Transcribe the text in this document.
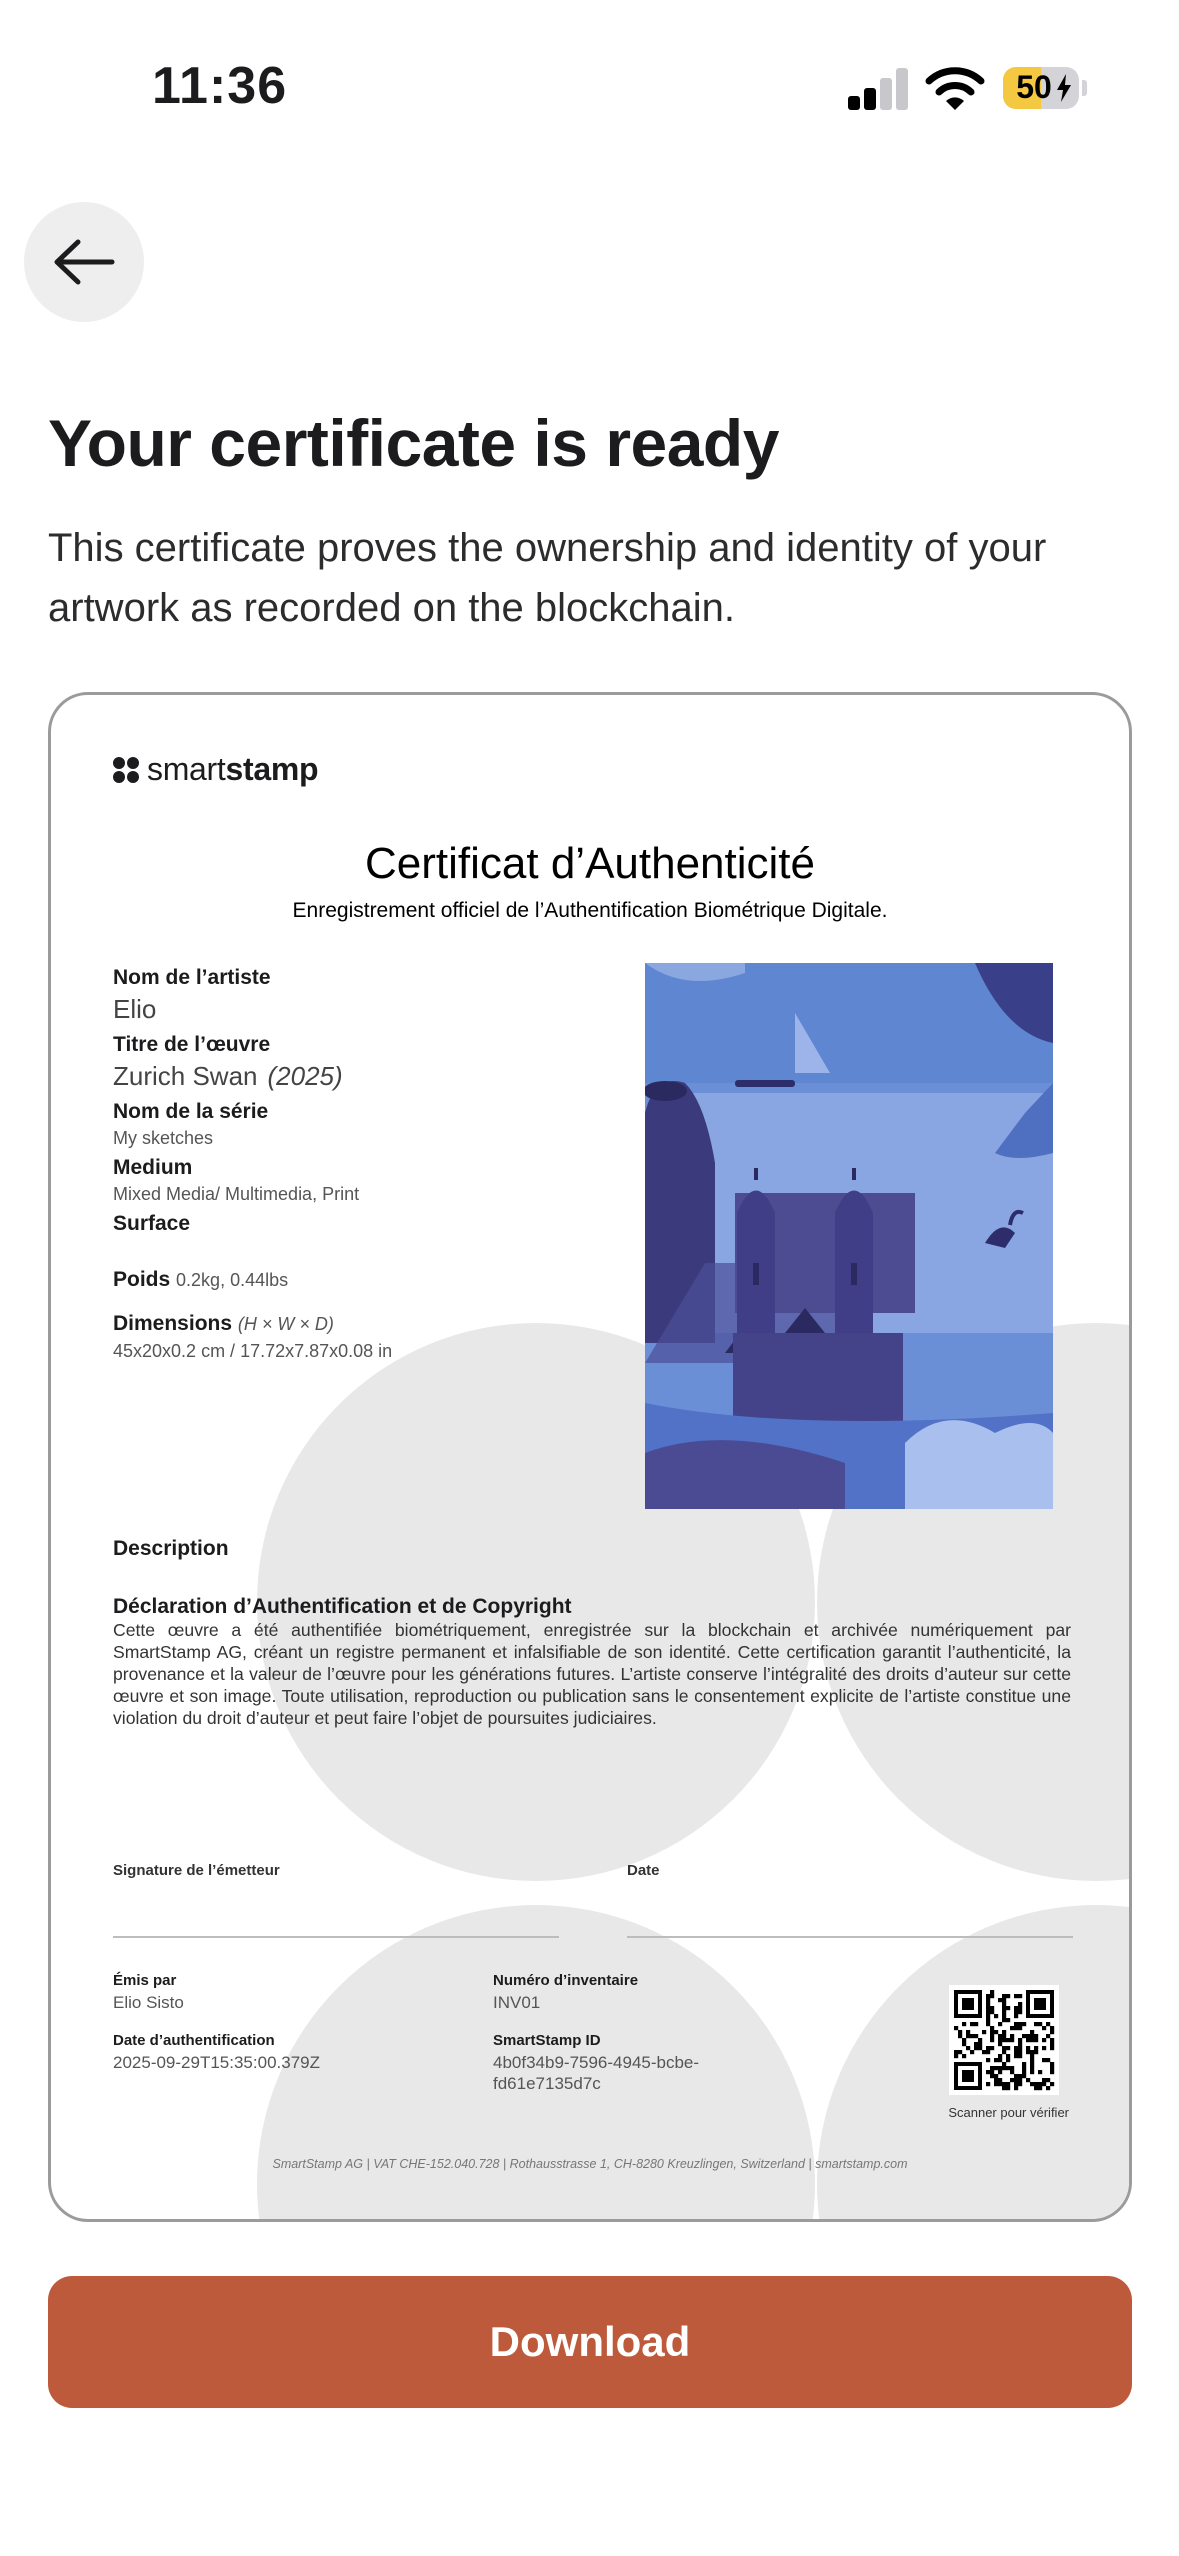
11:36	50
Your certificate is ready
This certificate proves the ownership and identity of your artwork as recorded on the blockchain.
smartstamp
Certificat d’Authenticité
Enregistrement officiel de l’Authentification Biométrique Digitale.
Nom de l’artiste
Elio
Titre de l’œuvre
Zurich Swan (2025)
Nom de la série
My sketches
Medium
Mixed Media/ Multimedia, Print
Surface
Poids 0.2kg, 0.44lbs
Dimensions (H × W × D)
45x20x0.2 cm / 17.72x7.87x0.08 in
Description
Déclaration d’Authentification et de Copyright
Cette œuvre a été authentifiée biométriquement, enregistrée sur la blockchain et archivée numériquement par SmartStamp AG, créant un registre permanent et infalsifiable de son identité. Cette certification garantit l’authenticité, la provenance et la valeur de l’œuvre pour les générations futures. L’artiste conserve l’intégralité des droits d’auteur sur cette œuvre et son image. Toute utilisation, reproduction ou publication sans le consentement explicite de l’artiste constitue une violation du droit d’auteur et peut faire l’objet de poursuites judiciaires.
Signature de l’émetteur	Date
Émis par
Elio Sisto
Date d’authentification
2025-09-29T15:35:00.379Z
Numéro d’inventaire
INV01
SmartStamp ID
4b0f34b9-7596-4945-bcbe-
fd61e7135d7c
Scanner pour vérifier
SmartStamp AG | VAT CHE-152.040.728 | Rothausstrasse 1, CH-8280 Kreuzlingen, Switzerland | smartstamp.com
Download
